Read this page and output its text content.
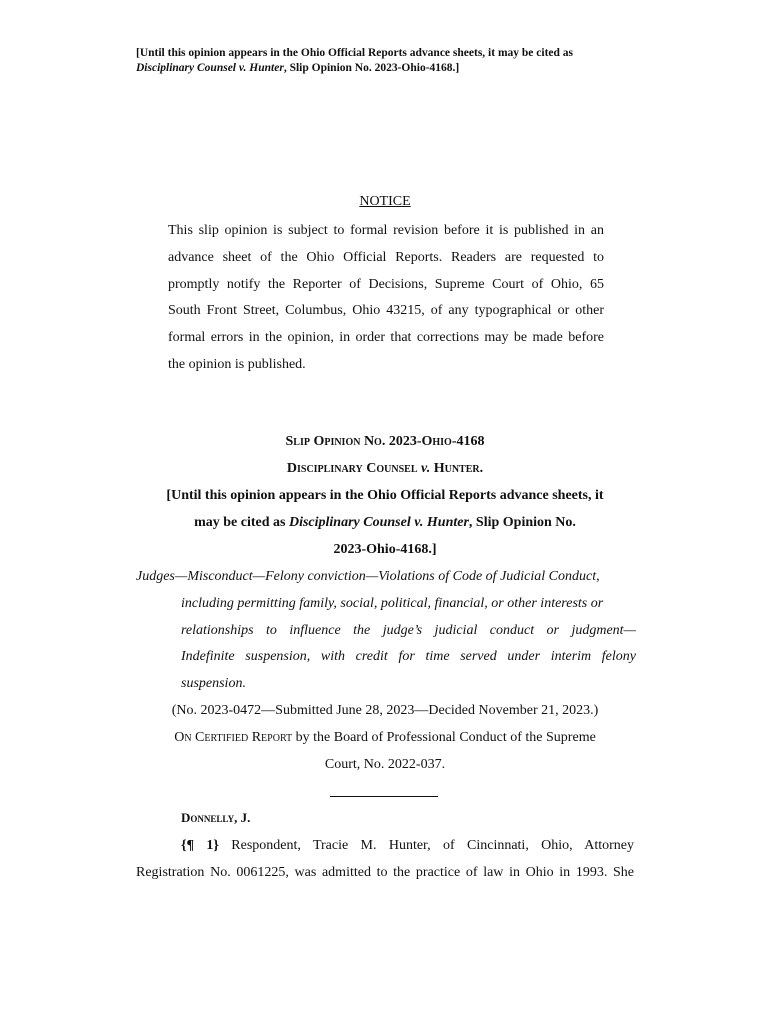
[Until this opinion appears in the Ohio Official Reports advance sheets, it may be cited as
Disciplinary Counsel v. Hunter, Slip Opinion No. 2023-Ohio-4168.]
NOTICE
This slip opinion is subject to formal revision before it is published in an
advance sheet of the Ohio Official Reports. Readers are requested to
promptly notify the Reporter of Decisions, Supreme Court of Ohio, 65
South Front Street, Columbus, Ohio 43215, of any typographical or other
formal errors in the opinion, in order that corrections may be made before
the opinion is published.
Slip Opinion No. 2023-Ohio-4168
Disciplinary Counsel v. Hunter.
[Until this opinion appears in the Ohio Official Reports advance sheets, it
may be cited as Disciplinary Counsel v. Hunter, Slip Opinion No.
2023-Ohio-4168.]
Judges—Misconduct—Felony conviction—Violations of Code of Judicial Conduct,
including permitting family, social, political, financial, or other interests or
relationships to influence the judge’s judicial conduct or judgment—
Indefinite suspension, with credit for time served under interim felony
suspension.
(No. 2023-0472—Submitted June 28, 2023—Decided November 21, 2023.)
On Certified Report by the Board of Professional Conduct of the Supreme
Court, No. 2022-037.
Donnelly, J.
{¶ 1} Respondent, Tracie M. Hunter, of Cincinnati, Ohio, Attorney
Registration No. 0061225, was admitted to the practice of law in Ohio in 1993. She
